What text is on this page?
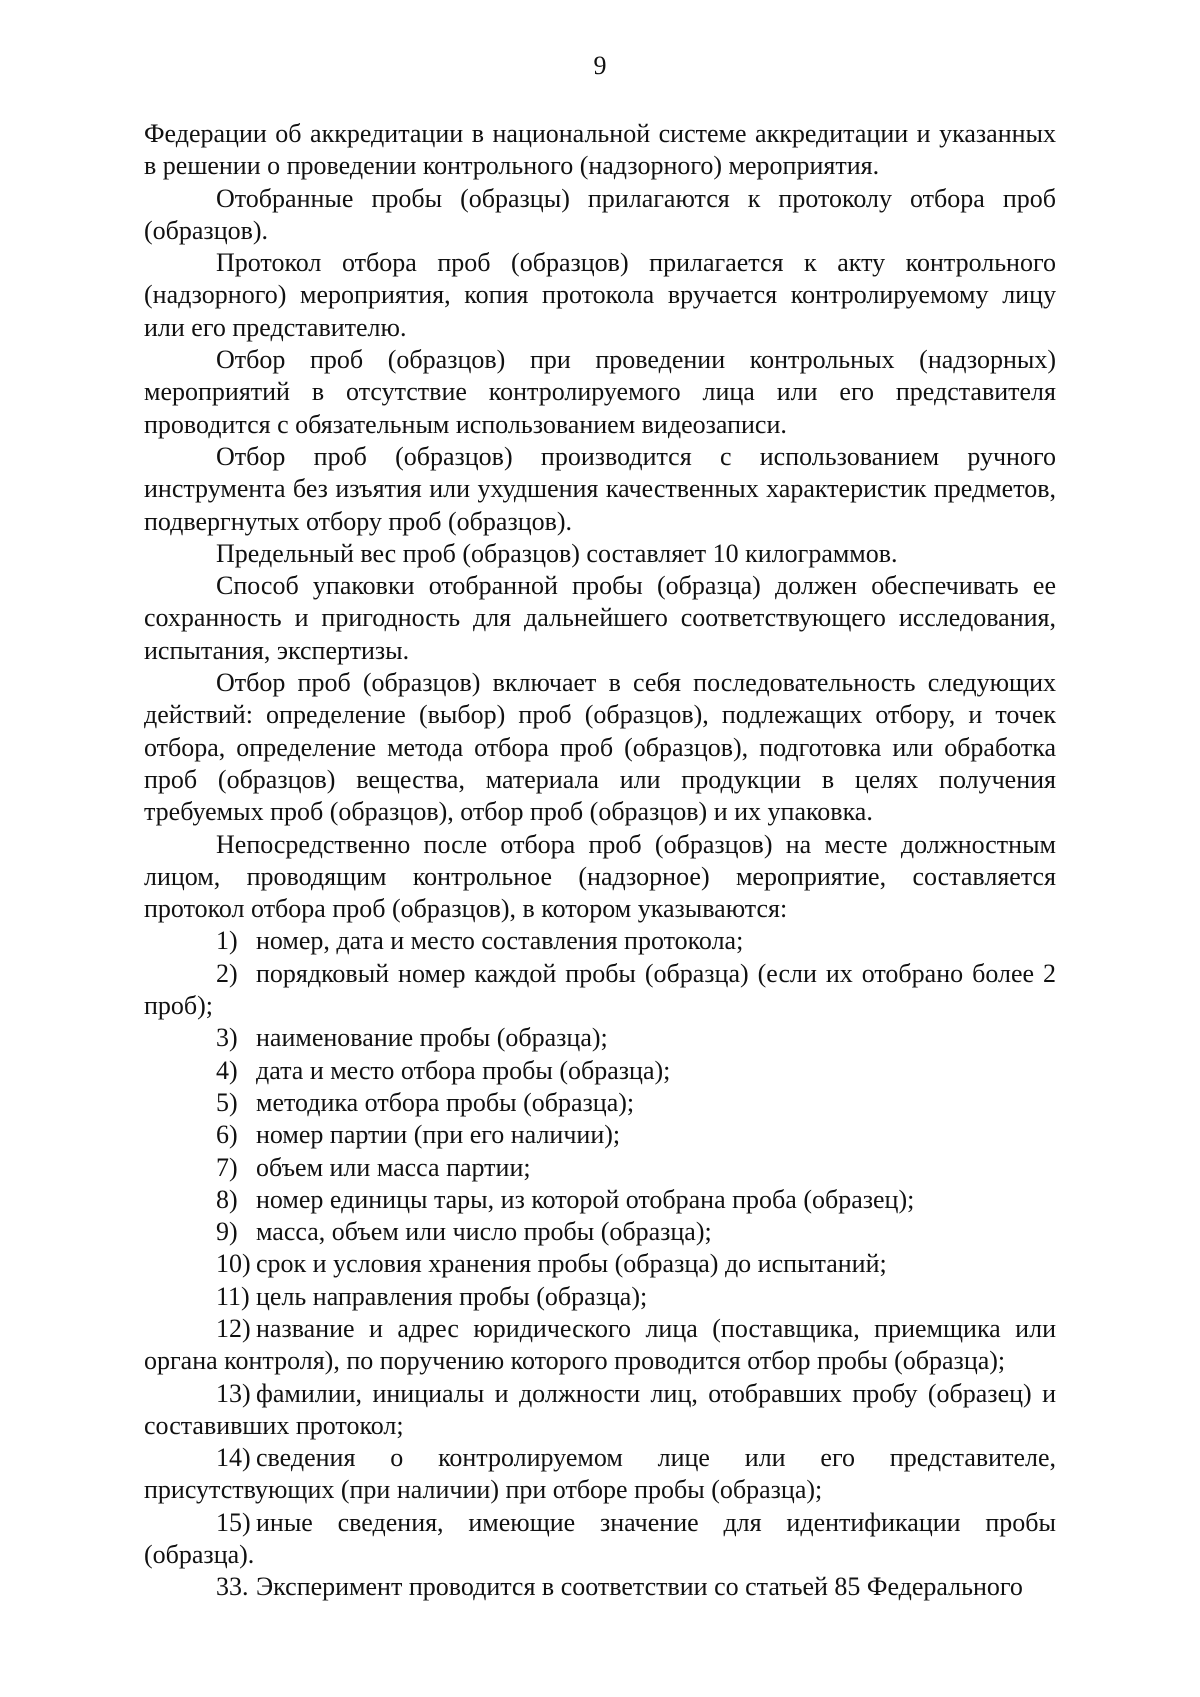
9

Федерации об аккредитации в национальной системе аккредитации и указанных в решении о проведении контрольного (надзорного) мероприятия.

Отобранные пробы (образцы) прилагаются к протоколу отбора проб (образцов).

Протокол отбора проб (образцов) прилагается к акту контрольного (надзорного) мероприятия, копия протокола вручается контролируемому лицу или его представителю.

Отбор проб (образцов) при проведении контрольных (надзорных) мероприятий в отсутствие контролируемого лица или его представителя проводится с обязательным использованием видеозаписи.

Отбор проб (образцов) производится с использованием ручного инструмента без изъятия или ухудшения качественных характеристик предметов, подвергнутых отбору проб (образцов).

Предельный вес проб (образцов) составляет 10 килограммов.

Способ упаковки отобранной пробы (образца) должен обеспечивать ее сохранность и пригодность для дальнейшего соответствующего исследования, испытания, экспертизы.

Отбор проб (образцов) включает в себя последовательность следующих действий: определение (выбор) проб (образцов), подлежащих отбору, и точек отбора, определение метода отбора проб (образцов), подготовка или обработка проб (образцов) вещества, материала или продукции в целях получения требуемых проб (образцов), отбор проб (образцов) и их упаковка.

Непосредственно после отбора проб (образцов) на месте должностным лицом, проводящим контрольное (надзорное) мероприятие, составляется протокол отбора проб (образцов), в котором указываются:

1) номер, дата и место составления протокола;

2) порядковый номер каждой пробы (образца) (если их отобрано более 2 проб);

3) наименование пробы (образца);

4) дата и место отбора пробы (образца);

5) методика отбора пробы (образца);

6) номер партии (при его наличии);

7) объем или масса партии;

8) номер единицы тары, из которой отобрана проба (образец);

9) масса, объем или число пробы (образца);

10) срок и условия хранения пробы (образца) до испытаний;

11) цель направления пробы (образца);

12) название и адрес юридического лица (поставщика, приемщика или органа контроля), по поручению которого проводится отбор пробы (образца);

13) фамилии, инициалы и должности лиц, отобравших пробу (образец) и составивших протокол;

14) сведения о контролируемом лице или его представителе, присутствующих (при наличии) при отборе пробы (образца);

15) иные сведения, имеющие значение для идентификации пробы (образца).

33. Эксперимент проводится в соответствии со статьей 85 Федерального
